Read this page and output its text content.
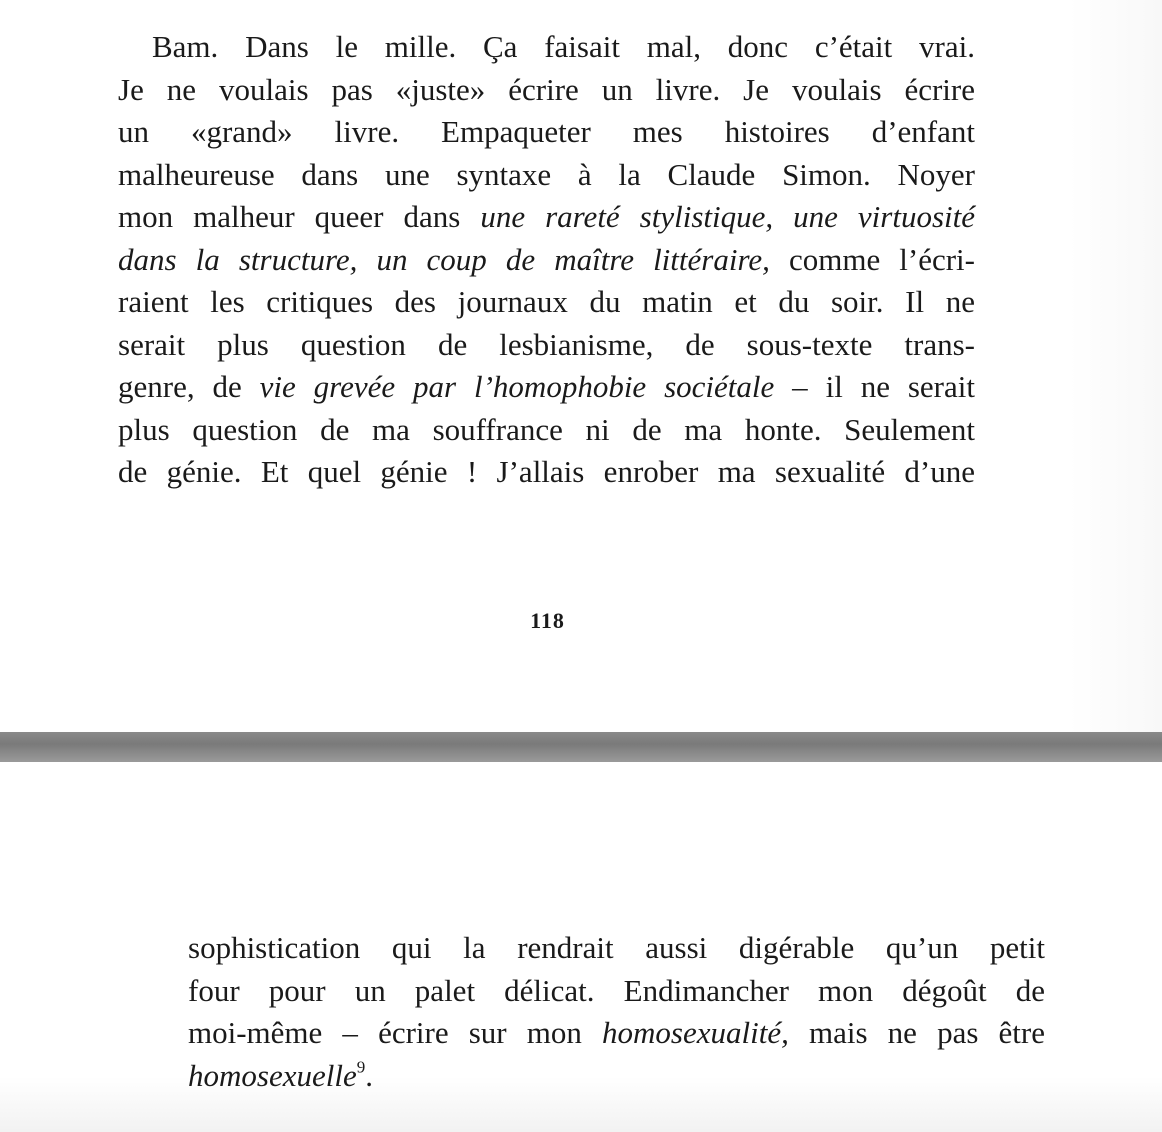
Bam. Dans le mille. Ça faisait mal, donc c’était vrai.
Je ne voulais pas «juste» écrire un livre. Je voulais écrire
un «grand» livre. Empaqueter mes histoires d’enfant
malheureuse dans une syntaxe à la Claude Simon. Noyer
mon malheur queer dans une rareté stylistique, une virtuosité
dans la structure, un coup de maître littéraire, comme l’écri-
raient les critiques des journaux du matin et du soir. Il ne
serait plus question de lesbianisme, de sous-texte trans-
genre, de vie grevée par l’homophobie sociétale – il ne serait
plus question de ma souffrance ni de ma honte. Seulement
de génie. Et quel génie ! J’allais enrober ma sexualité d’une
118
sophistication qui la rendrait aussi digérable qu’un petit
four pour un palet délicat. Endimancher mon dégoût de
moi-même – écrire sur mon homosexualité, mais ne pas être
homosexuelle$^9$.
